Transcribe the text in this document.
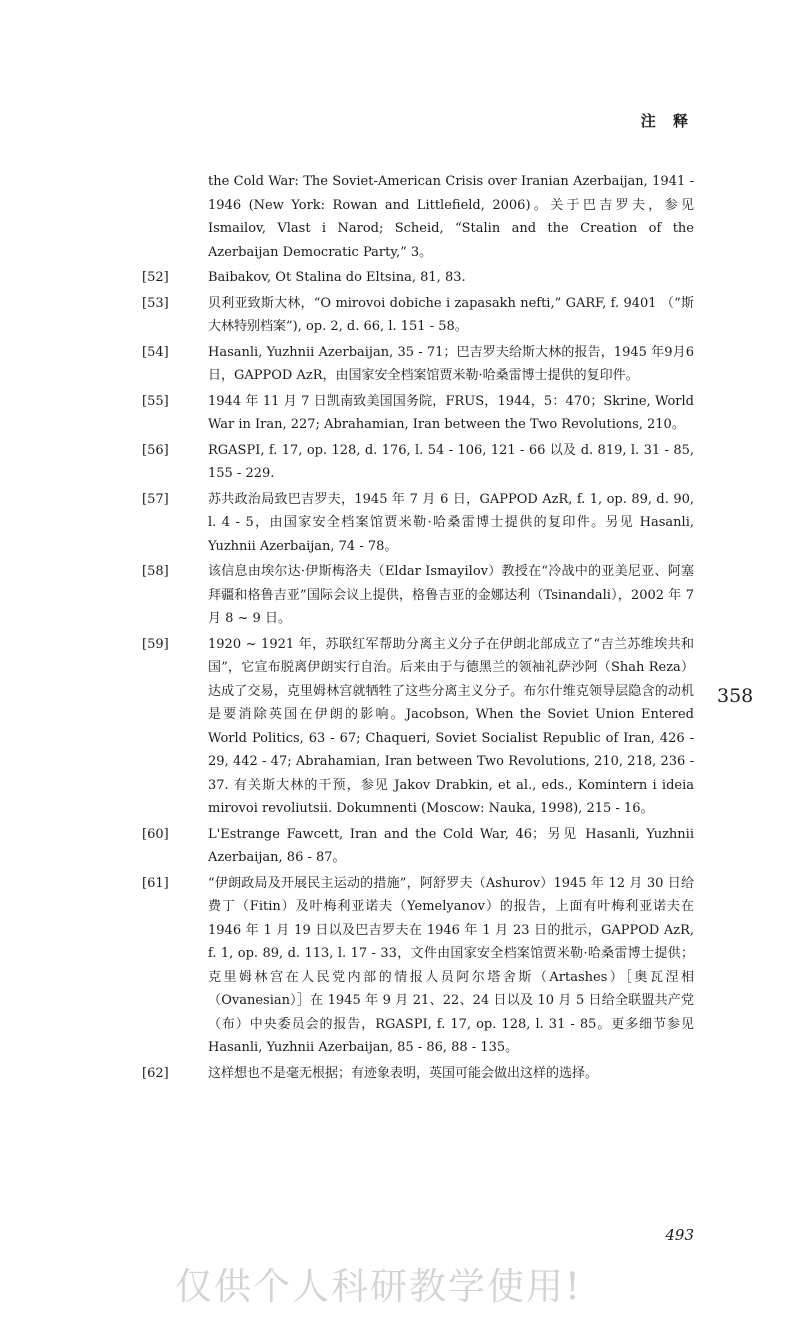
注 释
the Cold War: The Soviet-American Crisis over Iranian Azerbaijan, 1941 - 1946 (New York: Rowan and Littlefield, 2006)。关于巴吉罗夫，参见 Ismailov, Vlast i Narod; Scheid, “Stalin and the Creation of the Azerbaijan Democratic Party,” 3。
[52]	Baibakov, Ot Stalina do Eltsina, 81, 83.
[53]	贝利亚致斯大林，“O mirovoi dobiche i zapasakh nefti,” GARF, f. 9401 （“斯大林特别档案”), op. 2, d. 66, l. 151 - 58。
[54]	Hasanli, Yuzhnii Azerbaijan, 35 - 71；巴吉罗夫给斯大林的报告，1945 年9月6日，GAPPOD AzR，由国家安全档案馆贾米勒·哈桑雷博士提供的复印件。
[55]	1944 年 11 月 7 日凯南致美国国务院，FRUS，1944，5：470；Skrine, World War in Iran, 227; Abrahamian, Iran between the Two Revolutions, 210。
[56]	RGASPI, f. 17, op. 128, d. 176, l. 54 - 106, 121 - 66 以及 d. 819, l. 31 - 85, 155 - 229.
[57]	苏共政治局致巴吉罗夫，1945 年 7 月 6 日，GAPPOD AzR, f. 1, op. 89, d. 90, l. 4 - 5，由国家安全档案馆贾米勒·哈桑雷博士提供的复印件。另见 Hasanli, Yuzhnii Azerbaijan, 74 - 78。
[58]	该信息由埃尔达·伊斯梅洛夫（Eldar Ismayilov）教授在“冷战中的亚美尼亚、阿塞拜疆和格鲁吉亚”国际会议上提供，格鲁吉亚的金娜达利（Tsinandali），2002 年 7 月 8 ~ 9 日。
[59]	1920 ~ 1921 年，苏联红军帮助分离主义分子在伊朗北部成立了“吉兰苏维埃共和国”，它宣布脱离伊朗实行自治。后来由于与德黑兰的领袖礼萨沙阿（Shah Reza）达成了交易，克里姆林宫就牺牲了这些分离主义分子。布尔什维克领导层隐含的动机是要消除英国在伊朗的影响。Jacobson, When the Soviet Union Entered World Politics, 63 - 67; Chaqueri, Soviet Socialist Republic of Iran, 426 - 29, 442 - 47; Abrahamian, Iran between Two Revolutions, 210, 218, 236 - 37. 有关斯大林的干预，参见 Jakov Drabkin, et al., eds., Komintern i ideia mirovoi revoliutsii. Dokumnenti (Moscow: Nauka, 1998), 215 - 16。
[60]	L'Estrange Fawcett, Iran and the Cold War, 46；另见 Hasanli, Yuzhnii Azerbaijan, 86 - 87。
[61]	“伊朗政局及开展民主运动的措施”，阿舒罗夫（Ashurov）1945 年 12 月 30 日给费丁（Fitin）及叶梅利亚诺夫（Yemelyanov）的报告，上面有叶梅利亚诺夫在 1946 年 1 月 19 日以及巴吉罗夫在 1946 年 1 月 23 日的批示，GAPPOD AzR, f. 1, op. 89, d. 113, l. 17 - 33，文件由国家安全档案馆贾米勒·哈桑雷博士提供；克里姆林宫在人民党内部的情报人员阿尔塔舍斯（Artashes）［奥瓦涅相（Ovanesian）］在 1945 年 9 月 21、22、24 日以及 10 月 5 日给全联盟共产党（布）中央委员会的报告，RGASPI, f. 17, op. 128, l. 31 - 85。更多细节参见 Hasanli, Yuzhnii Azerbaijan, 85 - 86, 88 - 135。
[62]	这样想也不是毫无根据；有迹象表明，英国可能会做出这样的选择。
358
493
仅供个人科研教学使用!
